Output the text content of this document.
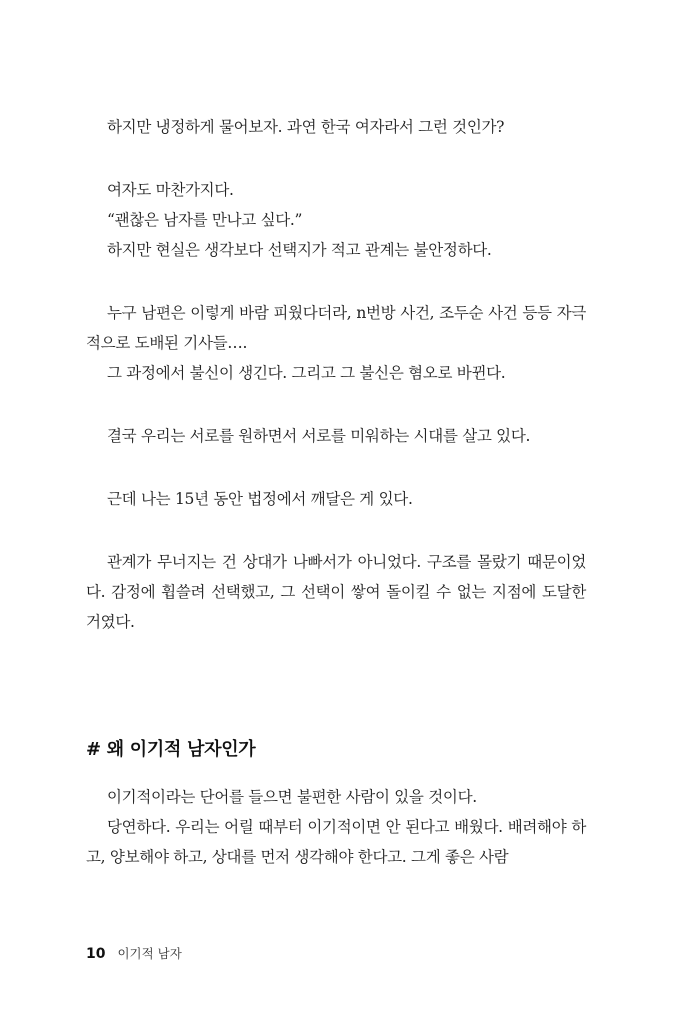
하지만 냉정하게 물어보자. 과연 한국 여자라서 그런 것인가?

여자도 마찬가지다.

“괜찮은 남자를 만나고 싶다.”

하지만 현실은 생각보다 선택지가 적고 관계는 불안정하다.

누구 남편은 이렇게 바람 피웠다더라, n번방 사건, 조두순 사건 등등 자극적으로 도배된 기사들….

그 과정에서 불신이 생긴다. 그리고 그 불신은 혐오로 바뀐다.

결국 우리는 서로를 원하면서 서로를 미워하는 시대를 살고 있다.

근데 나는 15년 동안 법정에서 깨달은 게 있다.

관계가 무너지는 건 상대가 나빠서가 아니었다. 구조를 몰랐기 때문이었다. 감정에 휩쓸려 선택했고, 그 선택이 쌓여 돌이킬 수 없는 지점에 도달한 거였다.

# 왜 이기적 남자인가

이기적이라는 단어를 들으면 불편한 사람이 있을 것이다.

당연하다. 우리는 어릴 때부터 이기적이면 안 된다고 배웠다. 배려해야 하고, 양보해야 하고, 상대를 먼저 생각해야 한다고. 그게 좋은 사람

10 이기적 남자
